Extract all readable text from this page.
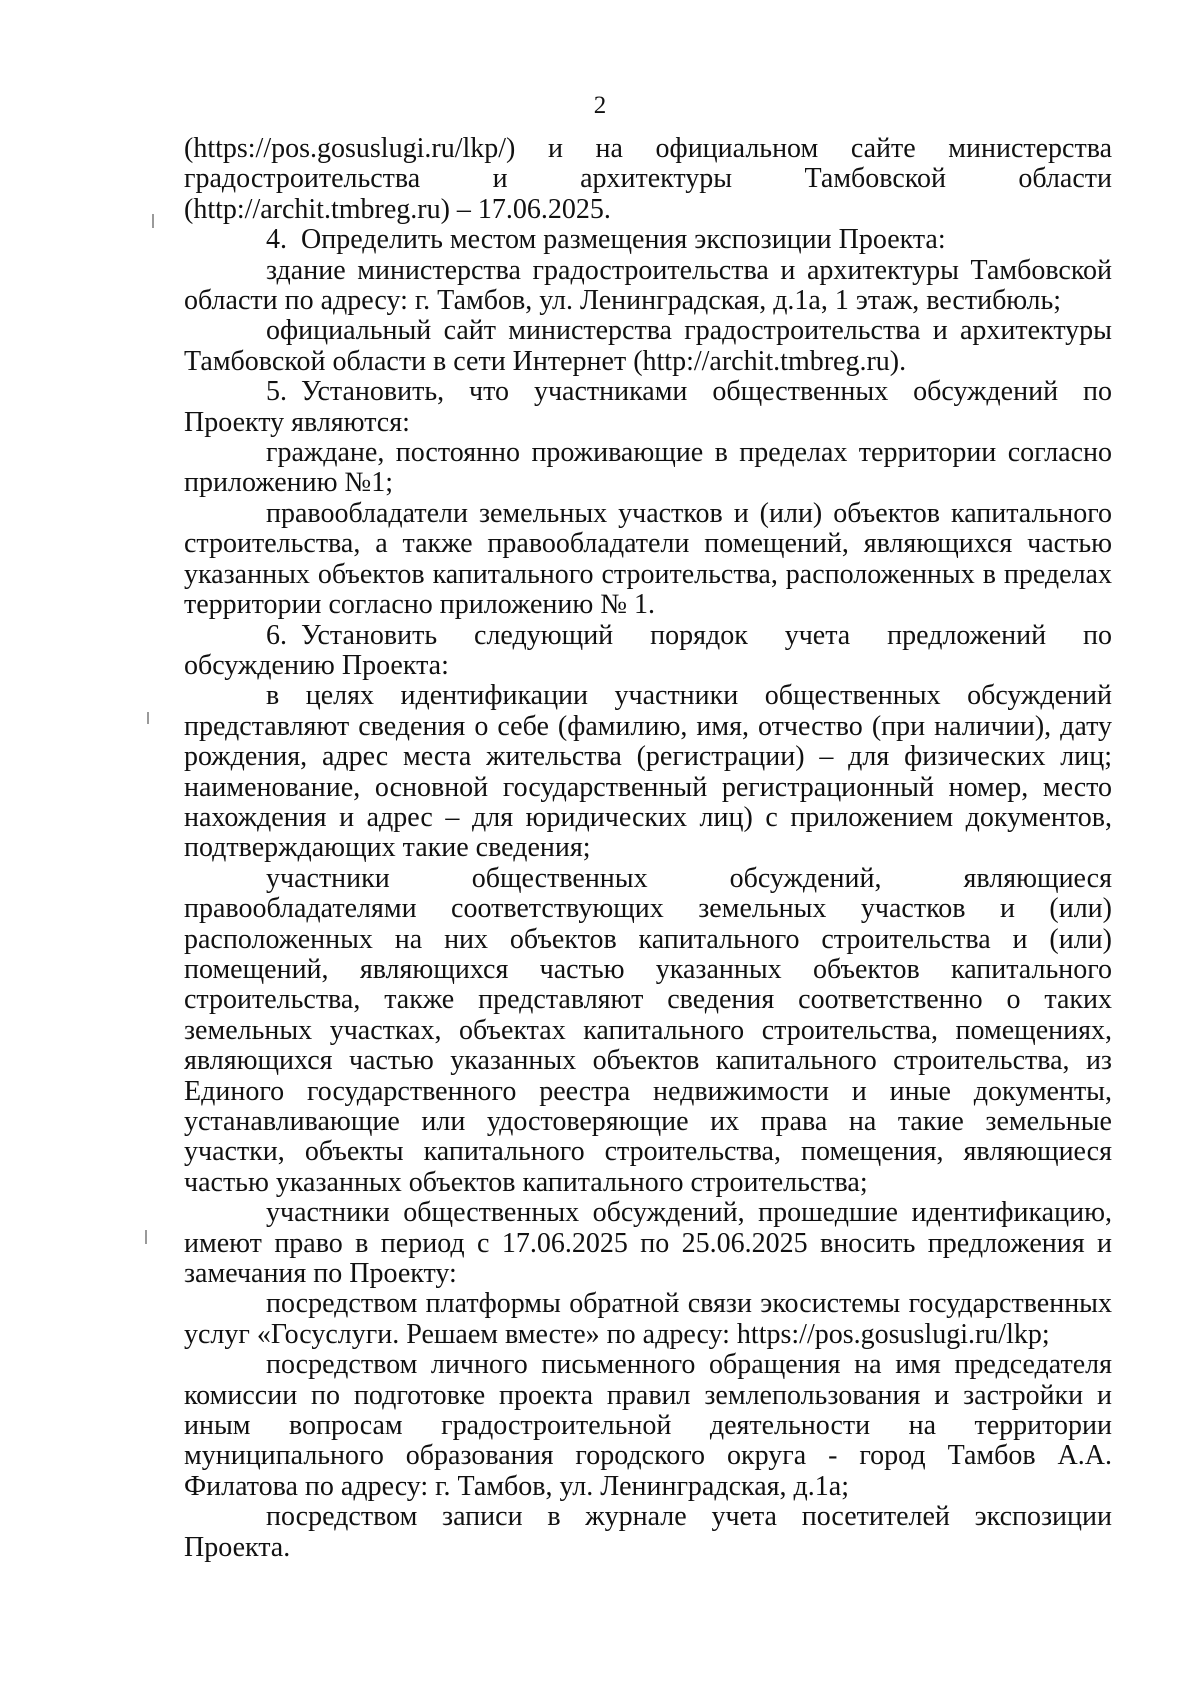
2

(https://pos.gosuslugi.ru/lkp/) и на официальном сайте министерства градостроительства и архитектуры Тамбовской области (http://archit.tmbreg.ru) – 17.06.2025.

4. Определить местом размещения экспозиции Проекта:

здание министерства градостроительства и архитектуры Тамбовской области по адресу: г. Тамбов, ул. Ленинградская, д.1а, 1 этаж, вестибюль;

официальный сайт министерства градостроительства и архитектуры Тамбовской области в сети Интернет (http://archit.tmbreg.ru).

5. Установить, что участниками общественных обсуждений по Проекту являются:

граждане, постоянно проживающие в пределах территории согласно приложению №1;

правообладатели земельных участков и (или) объектов капитального строительства, а также правообладатели помещений, являющихся частью указанных объектов капитального строительства, расположенных в пределах территории согласно приложению № 1.

6. Установить следующий порядок учета предложений по обсуждению Проекта:

в целях идентификации участники общественных обсуждений представляют сведения о себе (фамилию, имя, отчество (при наличии), дату рождения, адрес места жительства (регистрации) – для физических лиц; наименование, основной государственный регистрационный номер, место нахождения и адрес – для юридических лиц) с приложением документов, подтверждающих такие сведения;

участники общественных обсуждений, являющиеся правообладателями соответствующих земельных участков и (или) расположенных на них объектов капитального строительства и (или) помещений, являющихся частью указанных объектов капитального строительства, также представляют сведения соответственно о таких земельных участках, объектах капитального строительства, помещениях, являющихся частью указанных объектов капитального строительства, из Единого государственного реестра недвижимости и иные документы, устанавливающие или удостоверяющие их права на такие земельные участки, объекты капитального строительства, помещения, являющиеся частью указанных объектов капитального строительства;

участники общественных обсуждений, прошедшие идентификацию, имеют право в период с 17.06.2025 по 25.06.2025 вносить предложения и замечания по Проекту:

посредством платформы обратной связи экосистемы государственных услуг «Госуслуги. Решаем вместе» по адресу: https://pos.gosuslugi.ru/lkp;

посредством личного письменного обращения на имя председателя комиссии по подготовке проекта правил землепользования и застройки и иным вопросам градостроительной деятельности на территории муниципального образования городского округа - город Тамбов А.А. Филатова по адресу: г. Тамбов, ул. Ленинградская, д.1а;

посредством записи в журнале учета посетителей экспозиции Проекта.
